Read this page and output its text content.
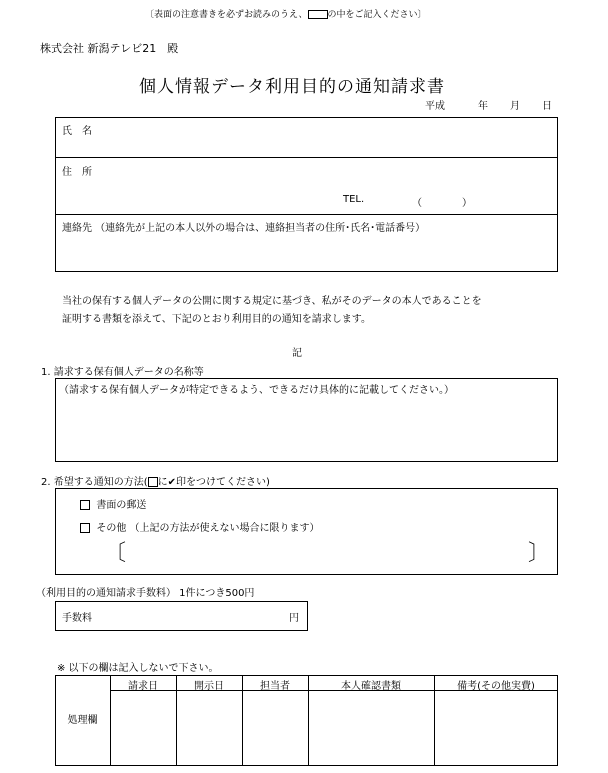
〔表面の注意書きを必ずお読みのうえ、 の中をご記入ください〕
株式会社 新潟テレビ21　殿
個人情報データ利用目的の通知請求書
平成	年 月 日
氏　名
住　所
TEL.	（　　　　）
連絡先 （連絡先が上記の本人以外の場合は、連絡担当者の住所･氏名･電話番号）
当社の保有する個人データの公開に関する規定に基づき、私がそのデータの本人であることを
証明する書類を添えて、下記のとおり利用目的の通知を請求します。
記
1. 請求する保有個人データの名称等
（請求する保有個人データが特定できるよう、できるだけ具体的に記載してください。）
2. 希望する通知の方法( に✔印をつけてください)
書面の郵送
その他 （上記の方法が使えない場合に限ります）
〔	〕
（利用目的の通知請求手数料） 1件につき500円
手数料	円
※ 以下の欄は記入しないで下さい。
請求日	開示日	担当者	本人確認書類	備考(その他実費)
処理欄
